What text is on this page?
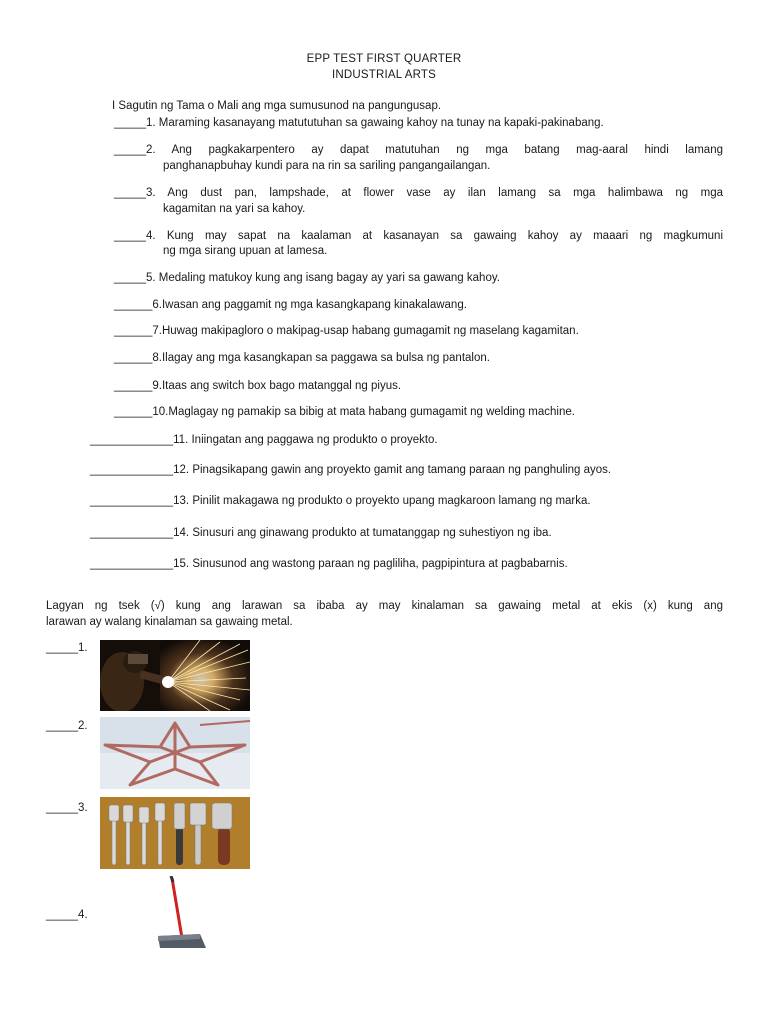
EPP TEST FIRST QUARTER
INDUSTRIAL ARTS
I Sagutin ng Tama o Mali ang mga sumusunod na pangungusap.
_____1. Maraming kasanayang matututuhan sa gawaing kahoy na tunay na kapaki-pakinabang.
_____2. Ang pagkakarpentero ay dapat matutuhan ng mga batang mag-aaral hindi lamang
panghanapbuhay kundi para na rin sa sariling pangangailangan.
_____3. Ang dust pan, lampshade, at flower vase ay ilan lamang sa mga halimbawa ng mga
kagamitan na yari sa kahoy.
_____4. Kung may sapat na kaalaman at kasanayan sa gawaing kahoy ay maaari ng magkumuni
ng mga sirang upuan at lamesa.
_____5. Medaling matukoy kung ang isang bagay ay yari sa gawang kahoy.
______6.Iwasan ang paggamit ng mga kasangkapang kinakalawang.
______7.Huwag makipagloro o makipag-usap habang gumagamit ng maselang kagamitan.
______8.Ilagay ang mga kasangkapan sa paggawa sa bulsa ng pantalon.
______9.Itaas ang switch box bago matanggal ng piyus.
______10.Maglagay ng pamakip sa bibig at mata habang gumagamit ng welding machine.
_____________11. Iniingatan ang paggawa ng produkto o proyekto.
_____________12. Pinagsikapang gawin ang proyekto gamit ang tamang paraan ng panghuling ayos.
_____________13. Pinilit makagawa ng produkto o proyekto upang magkaroon lamang ng marka.
_____________14. Sinusuri ang ginawang produkto at tumatanggap ng suhestiyon ng iba.
_____________15. Sinusunod ang wastong paraan ng pagliliha, pagpipintura at pagbabarnis.
Lagyan ng tsek (√) kung ang larawan sa ibaba ay may kinalaman sa gawaing metal at ekis (x) kung ang
larawan ay walang kinalaman sa gawaing metal.
_____1.
_____2.
_____3.
_____4.
